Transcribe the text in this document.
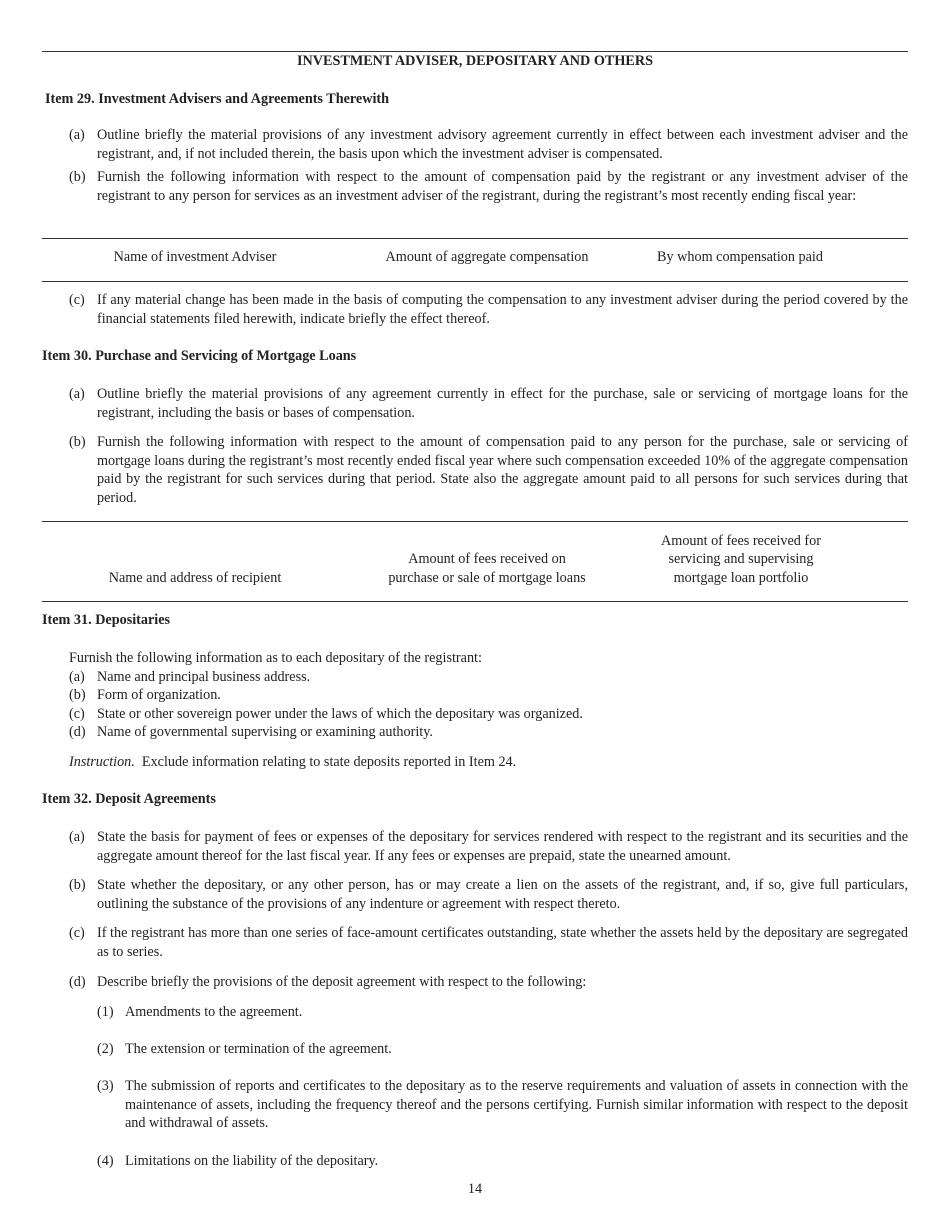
INVESTMENT ADVISER, DEPOSITARY AND OTHERS
Item 29. Investment Advisers and Agreements Therewith
(a) Outline briefly the material provisions of any investment advisory agreement currently in effect between each investment adviser and the registrant, and, if not included therein, the basis upon which the investment adviser is compensated.
(b) Furnish the following information with respect to the amount of compensation paid by the registrant or any investment adviser of the registrant to any person for services as an investment adviser of the registrant, during the registrant’s most recently ending fiscal year:
Name of investment Adviser	Amount of aggregate compensation	By whom compensation paid
(c) If any material change has been made in the basis of computing the compensation to any investment adviser during the period covered by the financial statements filed herewith, indicate briefly the effect thereof.
Item 30. Purchase and Servicing of Mortgage Loans
(a) Outline briefly the material provisions of any agreement currently in effect for the purchase, sale or servicing of mortgage loans for the registrant, including the basis or bases of compensation.
(b) Furnish the following information with respect to the amount of compensation paid to any person for the purchase, sale or servicing of mortgage loans during the registrant’s most recently ended fiscal year where such compensation exceeded 10% of the aggregate compensation paid by the registrant for such services during that period. State also the aggregate amount paid to all persons for such services during that period.
Name and address of recipient
Amount of fees received on
purchase or sale of mortgage loans
Amount of fees received for
servicing and supervising
mortgage loan portfolio
Item 31. Depositaries
Furnish the following information as to each depositary of the registrant:
(a) Name and principal business address.
(b) Form of organization.
(c) State or other sovereign power under the laws of which the depositary was organized.
(d) Name of governmental supervising or examining authority.
Instruction. Exclude information relating to state deposits reported in Item 24.
Item 32. Deposit Agreements
(a) State the basis for payment of fees or expenses of the depositary for services rendered with respect to the registrant and its securities and the aggregate amount thereof for the last fiscal year. If any fees or expenses are prepaid, state the unearned amount.
(b) State whether the depositary, or any other person, has or may create a lien on the assets of the registrant, and, if so, give full particulars, outlining the substance of the provisions of any indenture or agreement with respect thereto.
(c) If the registrant has more than one series of face-amount certificates outstanding, state whether the assets held by the depositary are segregated as to series.
(d) Describe briefly the provisions of the deposit agreement with respect to the following:
(1) Amendments to the agreement.
(2) The extension or termination of the agreement.
(3) The submission of reports and certificates to the depositary as to the reserve requirements and valuation of assets in connection with the maintenance of assets, including the frequency thereof and the persons certifying. Furnish similar information with respect to the deposit and withdrawal of assets.
(4) Limitations on the liability of the depositary.
14
